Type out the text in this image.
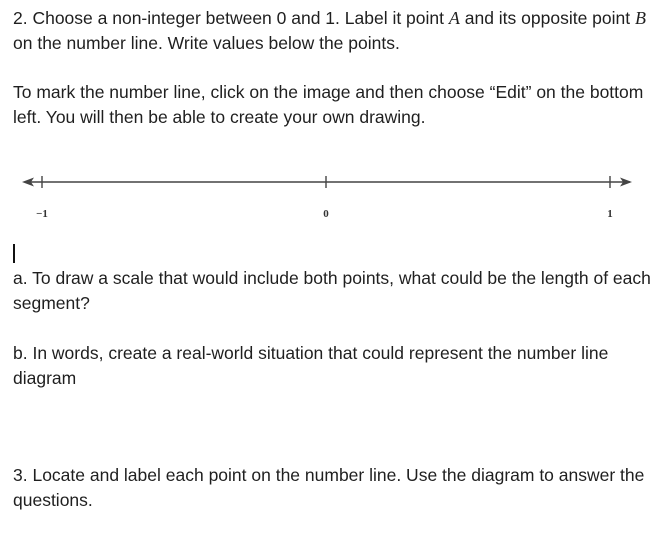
2. Choose a non-integer between 0 and 1. Label it point A and its opposite point B on the number line. Write values below the points.

To mark the number line, click on the image and then choose “Edit” on the bottom left. You will then be able to create your own drawing.

−1	0	1

a. To draw a scale that would include both points, what could be the length of each segment?

b. In words, create a real-world situation that could represent the number line diagram

3. Locate and label each point on the number line. Use the diagram to answer the questions.
